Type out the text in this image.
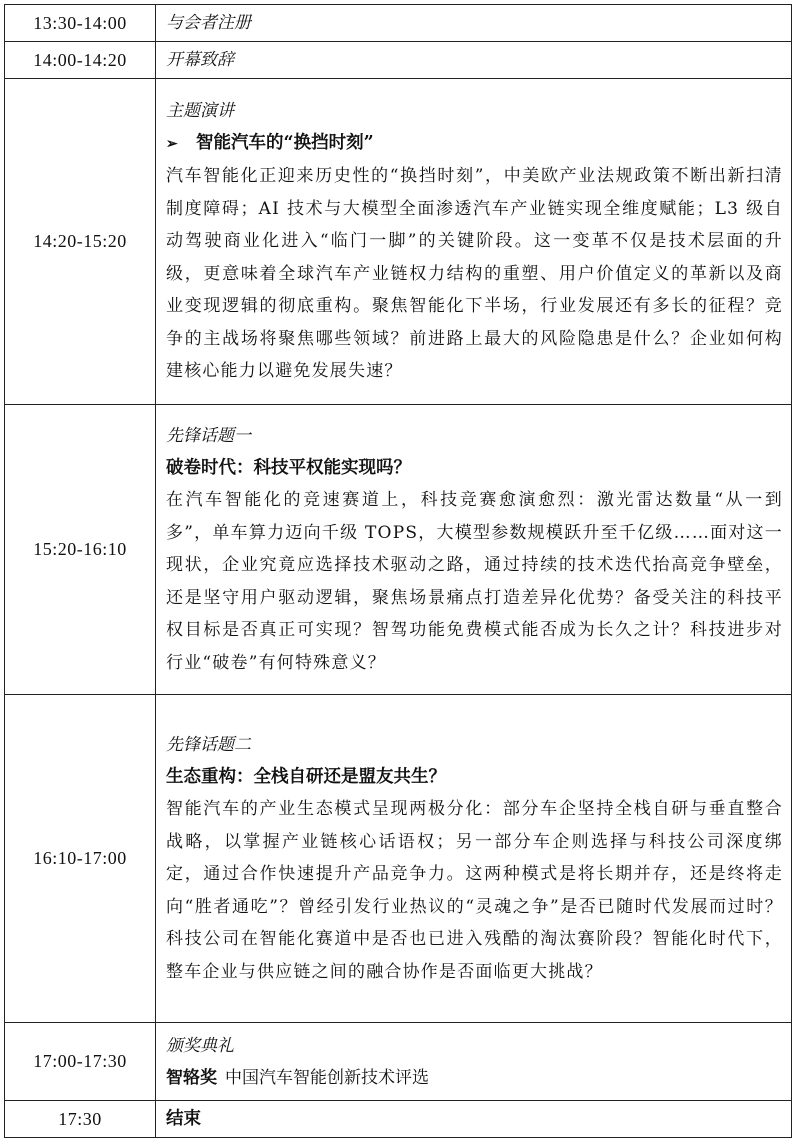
13:30-14:00	与会者注册

14:00-14:20	开幕致辞

14:20-15:20	主题演讲
➢ 智能汽车的“换挡时刻”
汽车智能化正迎来历史性的“换挡时刻”，中美欧产业法规政策不断出新扫清制度障碍；AI 技术与大模型全面渗透汽车产业链实现全维度赋能；L3 级自动驾驶商业化进入“临门一脚”的关键阶段。这一变革不仅是技术层面的升级，更意味着全球汽车产业链权力结构的重塑、用户价值定义的革新以及商业变现逻辑的彻底重构。聚焦智能化下半场，行业发展还有多长的征程？竞争的主战场将聚焦哪些领域？前进路上最大的风险隐患是什么？企业如何构建核心能力以避免发展失速？

15:20-16:10	先锋话题一
破卷时代：科技平权能实现吗？
在汽车智能化的竞速赛道上，科技竞赛愈演愈烈：激光雷达数量“从一到多”，单车算力迈向千级 TOPS，大模型参数规模跃升至千亿级……面对这一现状，企业究竟应选择技术驱动之路，通过持续的技术迭代抬高竞争壁垒，还是坚守用户驱动逻辑，聚焦场景痛点打造差异化优势？备受关注的科技平权目标是否真正可实现？智驾功能免费模式能否成为长久之计？科技进步对行业“破卷”有何特殊意义？

16:10-17:00	先锋话题二
生态重构：全栈自研还是盟友共生？
智能汽车的产业生态模式呈现两极分化：部分车企坚持全栈自研与垂直整合战略，以掌握产业链核心话语权；另一部分车企则选择与科技公司深度绑定，通过合作快速提升产品竞争力。这两种模式是将长期并存，还是终将走向“胜者通吃”？曾经引发行业热议的“灵魂之争”是否已随时代发展而过时？科技公司在智能化赛道中是否也已进入残酷的淘汰赛阶段？智能化时代下，整车企业与供应链之间的融合协作是否面临更大挑战？

17:00-17:30	颁奖典礼
智辂奖 中国汽车智能创新技术评选

17:30	结束
